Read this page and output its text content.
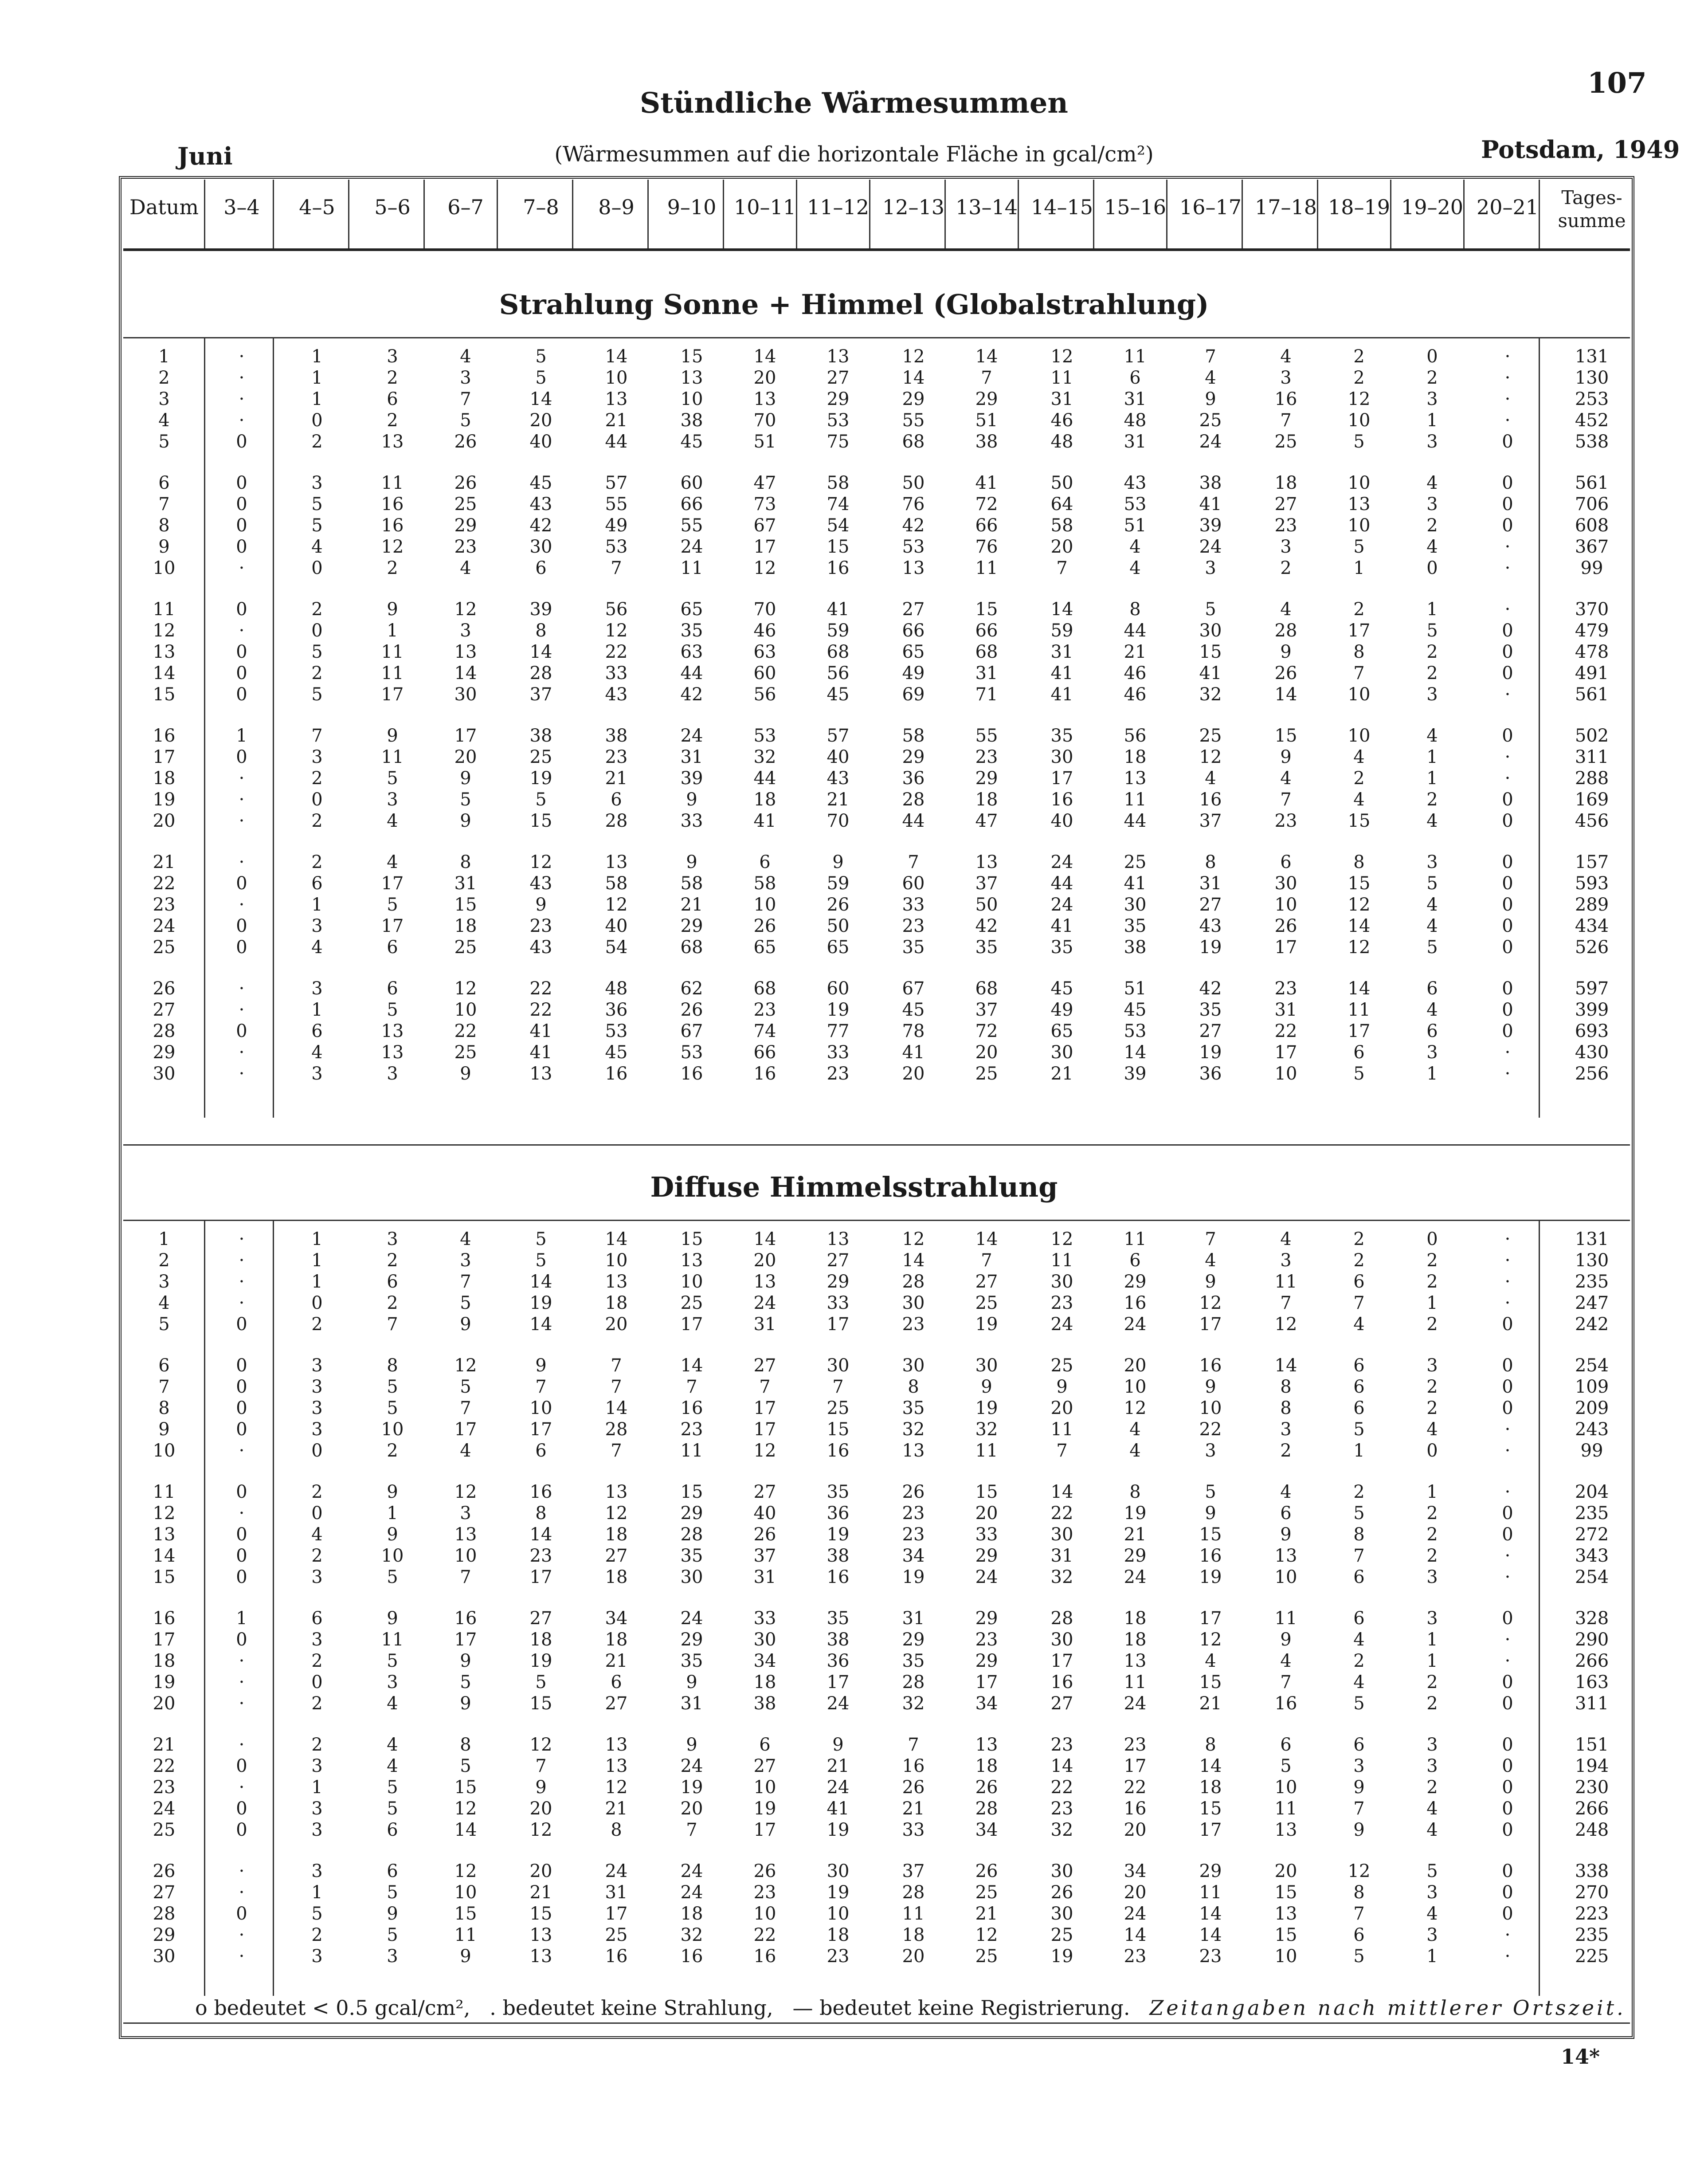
107
Stündliche Wärmesummen
Juni	(Wärmesummen auf die horizontale Fläche in gcal/cm²)	Potsdam, 1949
Datum	3–4	4–5	5–6	6–7	7–8	8–9	9–10 10–11 11–12 12–13 13–14 14–15 15–16 16–17 17–18 18–19 19–20 20–21 Tages-
summe
Strahlung Sonne + Himmel (Globalstrahlung)
1	·	1	3	4	5	14	15	14	13	12	14	12	11	7	4	2	0	·	131
2	·	1	2	3	5	10	13	20	27	14	7	11	6	4	3	2	2	·	130
3	·	1	6	7	14	13	10	13	29	29	29	31	31	9	16	12	3	·	253
4	·	0	2	5	20	21	38	70	53	55	51	46	48	25	7	10	1	·	452
5	0	2	13	26	40	44	45	51	75	68	38	48	31	24	25	5	3	0	538
6	0	3	11	26	45	57	60	47	58	50	41	50	43	38	18	10	4	0	561
7	0	5	16	25	43	55	66	73	74	76	72	64	53	41	27	13	3	0	706
8	0	5	16	29	42	49	55	67	54	42	66	58	51	39	23	10	2	0	608
9	0	4	12	23	30	53	24	17	15	53	76	20	4	24	3	5	4	·	367
10	·	0	2	4	6	7	11	12	16	13	11	7	4	3	2	1	0	·	99
11	0	2	9	12	39	56	65	70	41	27	15	14	8	5	4	2	1	·	370
12	·	0	1	3	8	12	35	46	59	66	66	59	44	30	28	17	5	0	479
13	0	5	11	13	14	22	63	63	68	65	68	31	21	15	9	8	2	0	478
14	0	2	11	14	28	33	44	60	56	49	31	41	46	41	26	7	2	0	491
15	0	5	17	30	37	43	42	56	45	69	71	41	46	32	14	10	3	·	561
16	1	7	9	17	38	38	24	53	57	58	55	35	56	25	15	10	4	0	502
17	0	3	11	20	25	23	31	32	40	29	23	30	18	12	9	4	1	·	311
18	·	2	5	9	19	21	39	44	43	36	29	17	13	4	4	2	1	·	288
19	·	0	3	5	5	6	9	18	21	28	18	16	11	16	7	4	2	0	169
20	·	2	4	9	15	28	33	41	70	44	47	40	44	37	23	15	4	0	456
21	·	2	4	8	12	13	9	6	9	7	13	24	25	8	6	8	3	0	157
22	0	6	17	31	43	58	58	58	59	60	37	44	41	31	30	15	5	0	593
23	·	1	5	15	9	12	21	10	26	33	50	24	30	27	10	12	4	0	289
24	0	3	17	18	23	40	29	26	50	23	42	41	35	43	26	14	4	0	434
25	0	4	6	25	43	54	68	65	65	35	35	35	38	19	17	12	5	0	526
26	·	3	6	12	22	48	62	68	60	67	68	45	51	42	23	14	6	0	597
27	·	1	5	10	22	36	26	23	19	45	37	49	45	35	31	11	4	0	399
28	0	6	13	22	41	53	67	74	77	78	72	65	53	27	22	17	6	0	693
29	·	4	13	25	41	45	53	66	33	41	20	30	14	19	17	6	3	·	430
30	·	3	3	9	13	16	16	16	23	20	25	21	39	36	10	5	1	·	256
Diffuse Himmelsstrahlung
1	·	1	3	4	5	14	15	14	13	12	14	12	11	7	4	2	0	·	131
2	·	1	2	3	5	10	13	20	27	14	7	11	6	4	3	2	2	·	130
3	·	1	6	7	14	13	10	13	29	28	27	30	29	9	11	6	2	·	235
4	·	0	2	5	19	18	25	24	33	30	25	23	16	12	7	7	1	·	247
5	0	2	7	9	14	20	17	31	17	23	19	24	24	17	12	4	2	0	242
6	0	3	8	12	9	7	14	27	30	30	30	25	20	16	14	6	3	0	254
7	0	3	5	5	7	7	7	7	7	8	9	9	10	9	8	6	2	0	109
8	0	3	5	7	10	14	16	17	25	35	19	20	12	10	8	6	2	0	209
9	0	3	10	17	17	28	23	17	15	32	32	11	4	22	3	5	4	·	243
10	·	0	2	4	6	7	11	12	16	13	11	7	4	3	2	1	0	·	99
11	0	2	9	12	16	13	15	27	35	26	15	14	8	5	4	2	1	·	204
12	·	0	1	3	8	12	29	40	36	23	20	22	19	9	6	5	2	0	235
13	0	4	9	13	14	18	28	26	19	23	33	30	21	15	9	8	2	0	272
14	0	2	10	10	23	27	35	37	38	34	29	31	29	16	13	7	2	·	343
15	0	3	5	7	17	18	30	31	16	19	24	32	24	19	10	6	3	·	254
16	1	6	9	16	27	34	24	33	35	31	29	28	18	17	11	6	3	0	328
17	0	3	11	17	18	18	29	30	38	29	23	30	18	12	9	4	1	·	290
18	·	2	5	9	19	21	35	34	36	35	29	17	13	4	4	2	1	·	266
19	·	0	3	5	5	6	9	18	17	28	17	16	11	15	7	4	2	0	163
20	·	2	4	9	15	27	31	38	24	32	34	27	24	21	16	5	2	0	311
21	·	2	4	8	12	13	9	6	9	7	13	23	23	8	6	6	3	0	151
22	0	3	4	5	7	13	24	27	21	16	18	14	17	14	5	3	3	0	194
23	·	1	5	15	9	12	19	10	24	26	26	22	22	18	10	9	2	0	230
24	0	3	5	12	20	21	20	19	41	21	28	23	16	15	11	7	4	0	266
25	0	3	6	14	12	8	7	17	19	33	34	32	20	17	13	9	4	0	248
26	·	3	6	12	20	24	24	26	30	37	26	30	34	29	20	12	5	0	338
27	·	1	5	10	21	31	24	23	19	28	25	26	20	11	15	8	3	0	270
28	0	5	9	15	15	17	18	10	10	11	21	30	24	14	13	7	4	0	223
29	·	2	5	11	13	25	32	22	18	18	12	25	14	14	15	6	3	·	235
30	·	3	3	9	13	16	16	16	23	20	25	19	23	23	10	5	1	·	225
o bedeutet < 0.5 gcal/cm², . bedeutet keine Strahlung, — bedeutet keine Registrierung. Zeitangaben nach mittlerer Ortszeit.
14*
